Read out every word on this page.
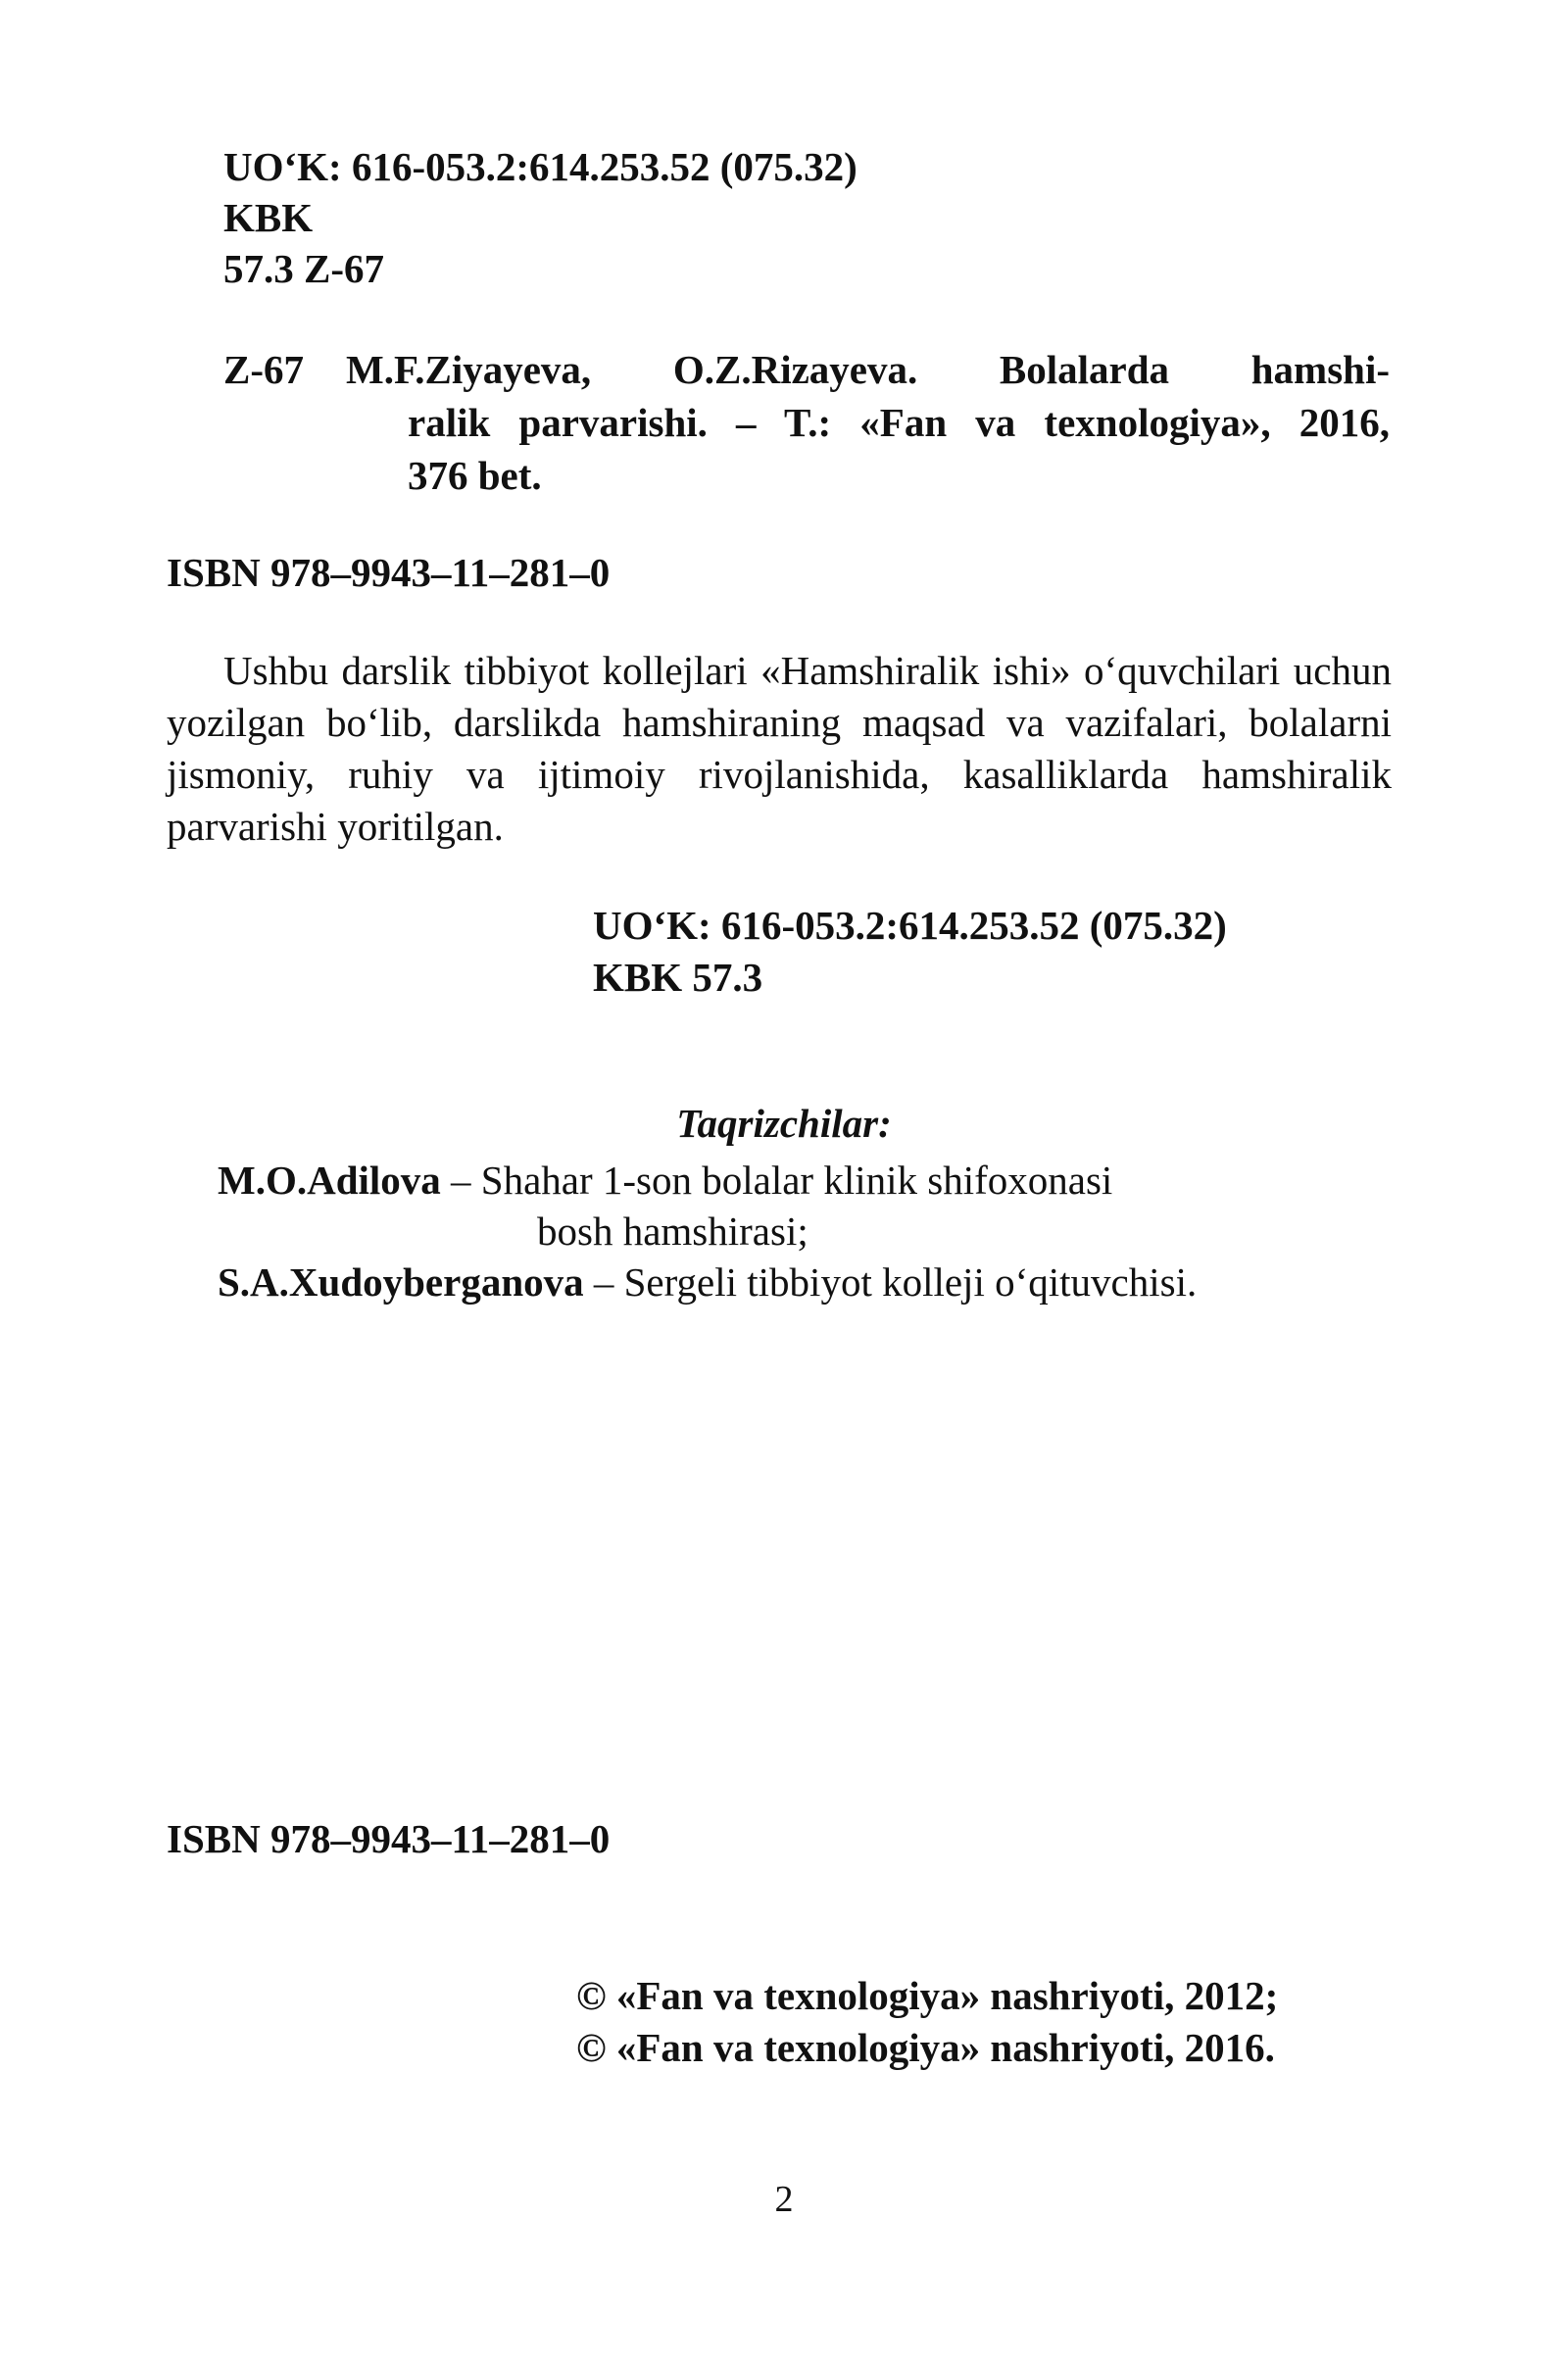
UO‘K: 616-053.2:614.253.52 (075.32)
KBK
57.3 Z-67
Z-67 M.F.Ziyayeva, O.Z.Rizayeva. Bolalarda hamshi-
ralik parvarishi. – T.: «Fan va texnologiya», 2016,
376 bet.
ISBN 978–9943–11–281–0
Ushbu darslik tibbiyot kollejlari «Hamshiralik ishi» o‘quvchilari uchun yozilgan bo‘lib, darslikda hamshiraning maqsad va vazifalari, bolalarni jismoniy, ruhiy va ijtimoiy rivojlanishida, kasalliklarda hamshiralik parvarishi yoritilgan.
UO‘K: 616-053.2:614.253.52 (075.32)
KBK 57.3
Taqrizchilar:
M.O.Adilova – Shahar 1-son bolalar klinik shifoxonasi
bosh hamshirasi;
S.A.Xudoyberganova – Sergeli tibbiyot kolleji o‘qituvchisi.
ISBN 978–9943–11–281–0
© «Fan va texnologiya» nashriyoti, 2012;
© «Fan va texnologiya» nashriyoti, 2016.
2
